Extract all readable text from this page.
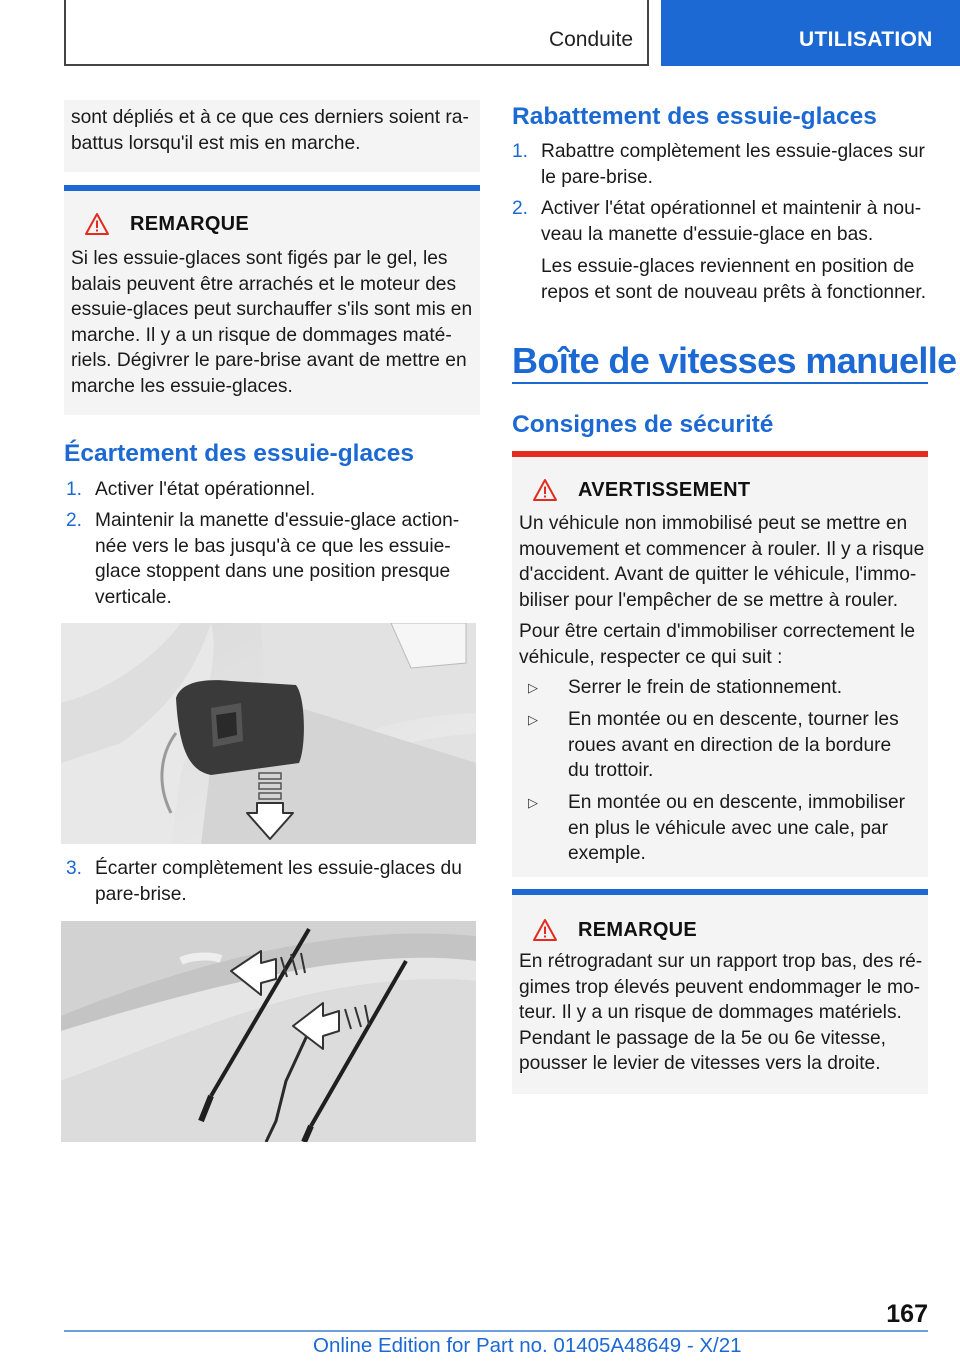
Conduite	UTILISATION

sont dépliés et à ce que ces derniers soient ra-battus lorsqu'il est mis en marche.

REMARQUE

Si les essuie-glaces sont figés par le gel, les balais peuvent être arrachés et le moteur des essuie-glaces peut surchauffer s'ils sont mis en marche. Il y a un risque de dommages maté-riels. Dégivrer le pare-brise avant de mettre en marche les essuie-glaces.

Écartement des essuie-glaces
1. Activer l'état opérationnel.
2. Maintenir la manette d'essuie-glace action-née vers le bas jusqu'à ce que les essuie-glace stoppent dans une position presque verticale.
3. Écarter complètement les essuie-glaces du pare-brise.
Rabattement des essuie-glaces
1. Rabattre complètement les essuie-glaces sur le pare-brise.
2. Activer l'état opérationnel et maintenir à nou-veau la manette d'essuie-glace en bas.

Les essuie-glaces reviennent en position de repos et sont de nouveau prêts à fonctionner.

Boîte de vitesses manuelle
Consignes de sécurité
AVERTISSEMENT

Un véhicule non immobilisé peut se mettre en mouvement et commencer à rouler. Il y a risque d'accident. Avant de quitter le véhicule, l'immo-biliser pour l'empêcher de se mettre à rouler.

Pour être certain d'immobiliser correctement le véhicule, respecter ce qui suit :

▷ Serrer le frein de stationnement.
▷ En montée ou en descente, tourner les roues avant en direction de la bordure du trottoir.
▷ En montée ou en descente, immobiliser en plus le véhicule avec une cale, par exemple.
REMARQUE

En rétrogradant sur un rapport trop bas, des ré-gimes trop élevés peuvent endommager le mo-teur. Il y a un risque de dommages matériels. Pendant le passage de la 5e ou 6e vitesse, pousser le levier de vitesses vers la droite.

167
Online Edition for Part no. 01405A48649 - X/21
